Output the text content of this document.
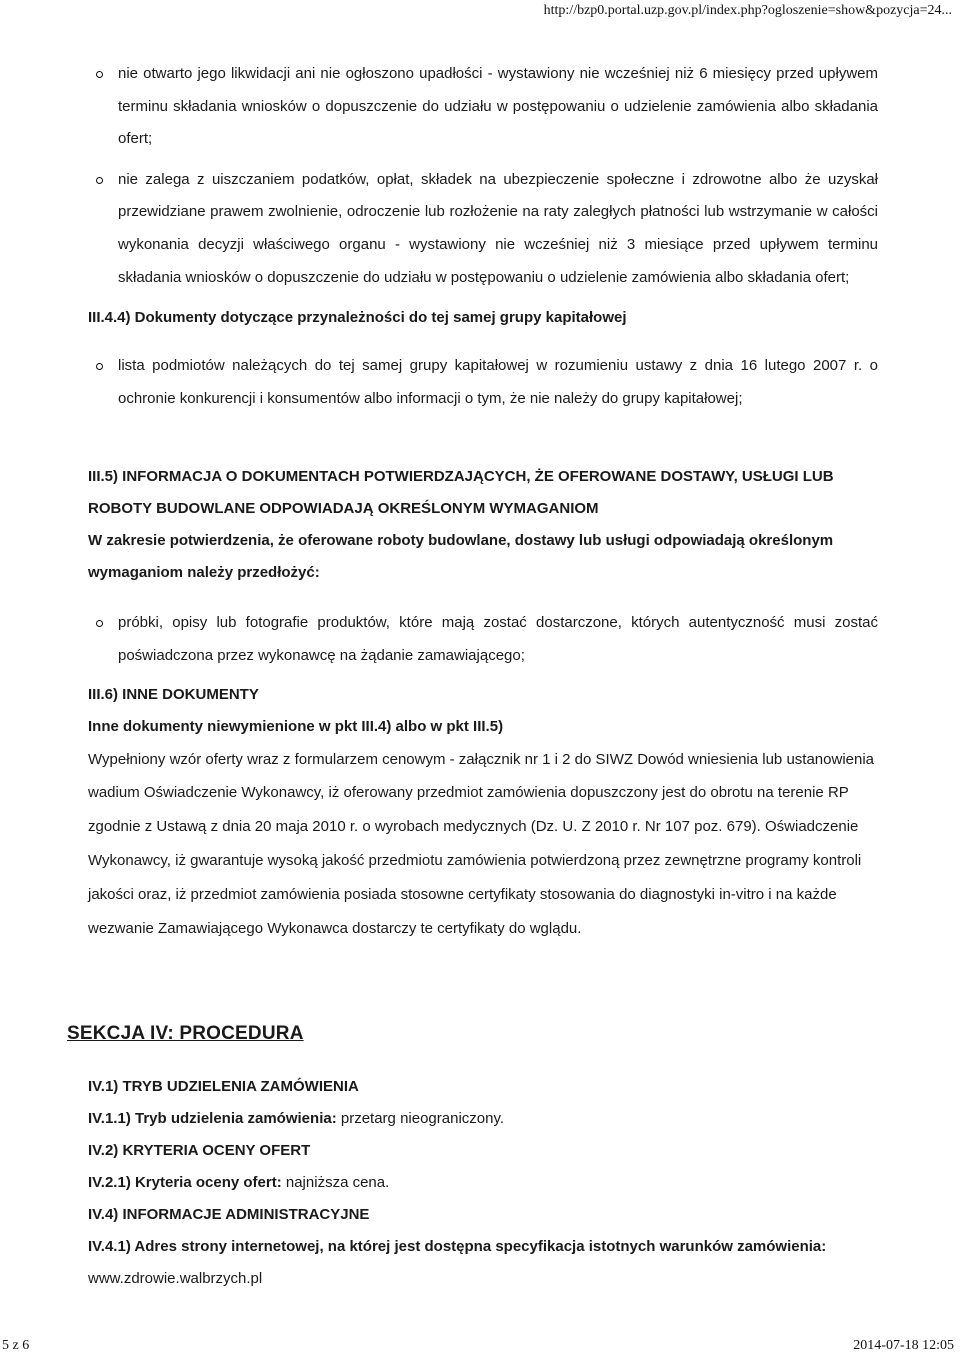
http://bzp0.portal.uzp.gov.pl/index.php?ogloszenie=show&pozycja=24...
nie otwarto jego likwidacji ani nie ogłoszono upadłości - wystawiony nie wcześniej niż 6 miesięcy przed upływem terminu składania wniosków o dopuszczenie do udziału w postępowaniu o udzielenie zamówienia albo składania ofert;
nie zalega z uiszczaniem podatków, opłat, składek na ubezpieczenie społeczne i zdrowotne albo że uzyskał przewidziane prawem zwolnienie, odroczenie lub rozłożenie na raty zaległych płatności lub wstrzymanie w całości wykonania decyzji właściwego organu - wystawiony nie wcześniej niż 3 miesiące przed upływem terminu składania wniosków o dopuszczenie do udziału w postępowaniu o udzielenie zamówienia albo składania ofert;

III.4.4) Dokumenty dotyczące przynależności do tej samej grupy kapitałowej

lista podmiotów należących do tej samej grupy kapitałowej w rozumieniu ustawy z dnia 16 lutego 2007 r. o ochronie konkurencji i konsumentów albo informacji o tym, że nie należy do grupy kapitałowej;

III.5) INFORMACJA O DOKUMENTACH POTWIERDZAJĄCYCH, ŻE OFEROWANE DOSTAWY, USŁUGI LUB ROBOTY BUDOWLANE ODPOWIADAJĄ OKREŚLONYM WYMAGANIOM

W zakresie potwierdzenia, że oferowane roboty budowlane, dostawy lub usługi odpowiadają określonym wymaganiom należy przedłożyć:

próbki, opisy lub fotografie produktów, które mają zostać dostarczone, których autentyczność musi zostać poświadczona przez wykonawcę na żądanie zamawiającego;

III.6) INNE DOKUMENTY

Inne dokumenty niewymienione w pkt III.4) albo w pkt III.5)

Wypełniony wzór oferty wraz z formularzem cenowym - załącznik nr 1 i 2 do SIWZ Dowód wniesienia lub ustanowienia wadium Oświadczenie Wykonawcy, iż oferowany przedmiot zamówienia dopuszczony jest do obrotu na terenie RP zgodnie z Ustawą z dnia 20 maja 2010 r. o wyrobach medycznych (Dz. U. Z 2010 r. Nr 107 poz. 679). Oświadczenie Wykonawcy, iż gwarantuje wysoką jakość przedmiotu zamówienia potwierdzoną przez zewnętrzne programy kontroli jakości oraz, iż przedmiot zamówienia posiada stosowne certyfikaty stosowania do diagnostyki in-vitro i na każde wezwanie Zamawiającego Wykonawca dostarczy te certyfikaty do wglądu.

SEKCJA IV: PROCEDURA
IV.1) TRYB UDZIELENIA ZAMÓWIENIA
IV.1.1) Tryb udzielenia zamówienia: przetarg nieograniczony.
IV.2) KRYTERIA OCENY OFERT
IV.2.1) Kryteria oceny ofert: najniższa cena.
IV.4) INFORMACJE ADMINISTRACYJNE
IV.4.1) Adres strony internetowej, na której jest dostępna specyfikacja istotnych warunków zamówienia:
www.zdrowie.walbrzych.pl
5 z 6	2014-07-18 12:05
